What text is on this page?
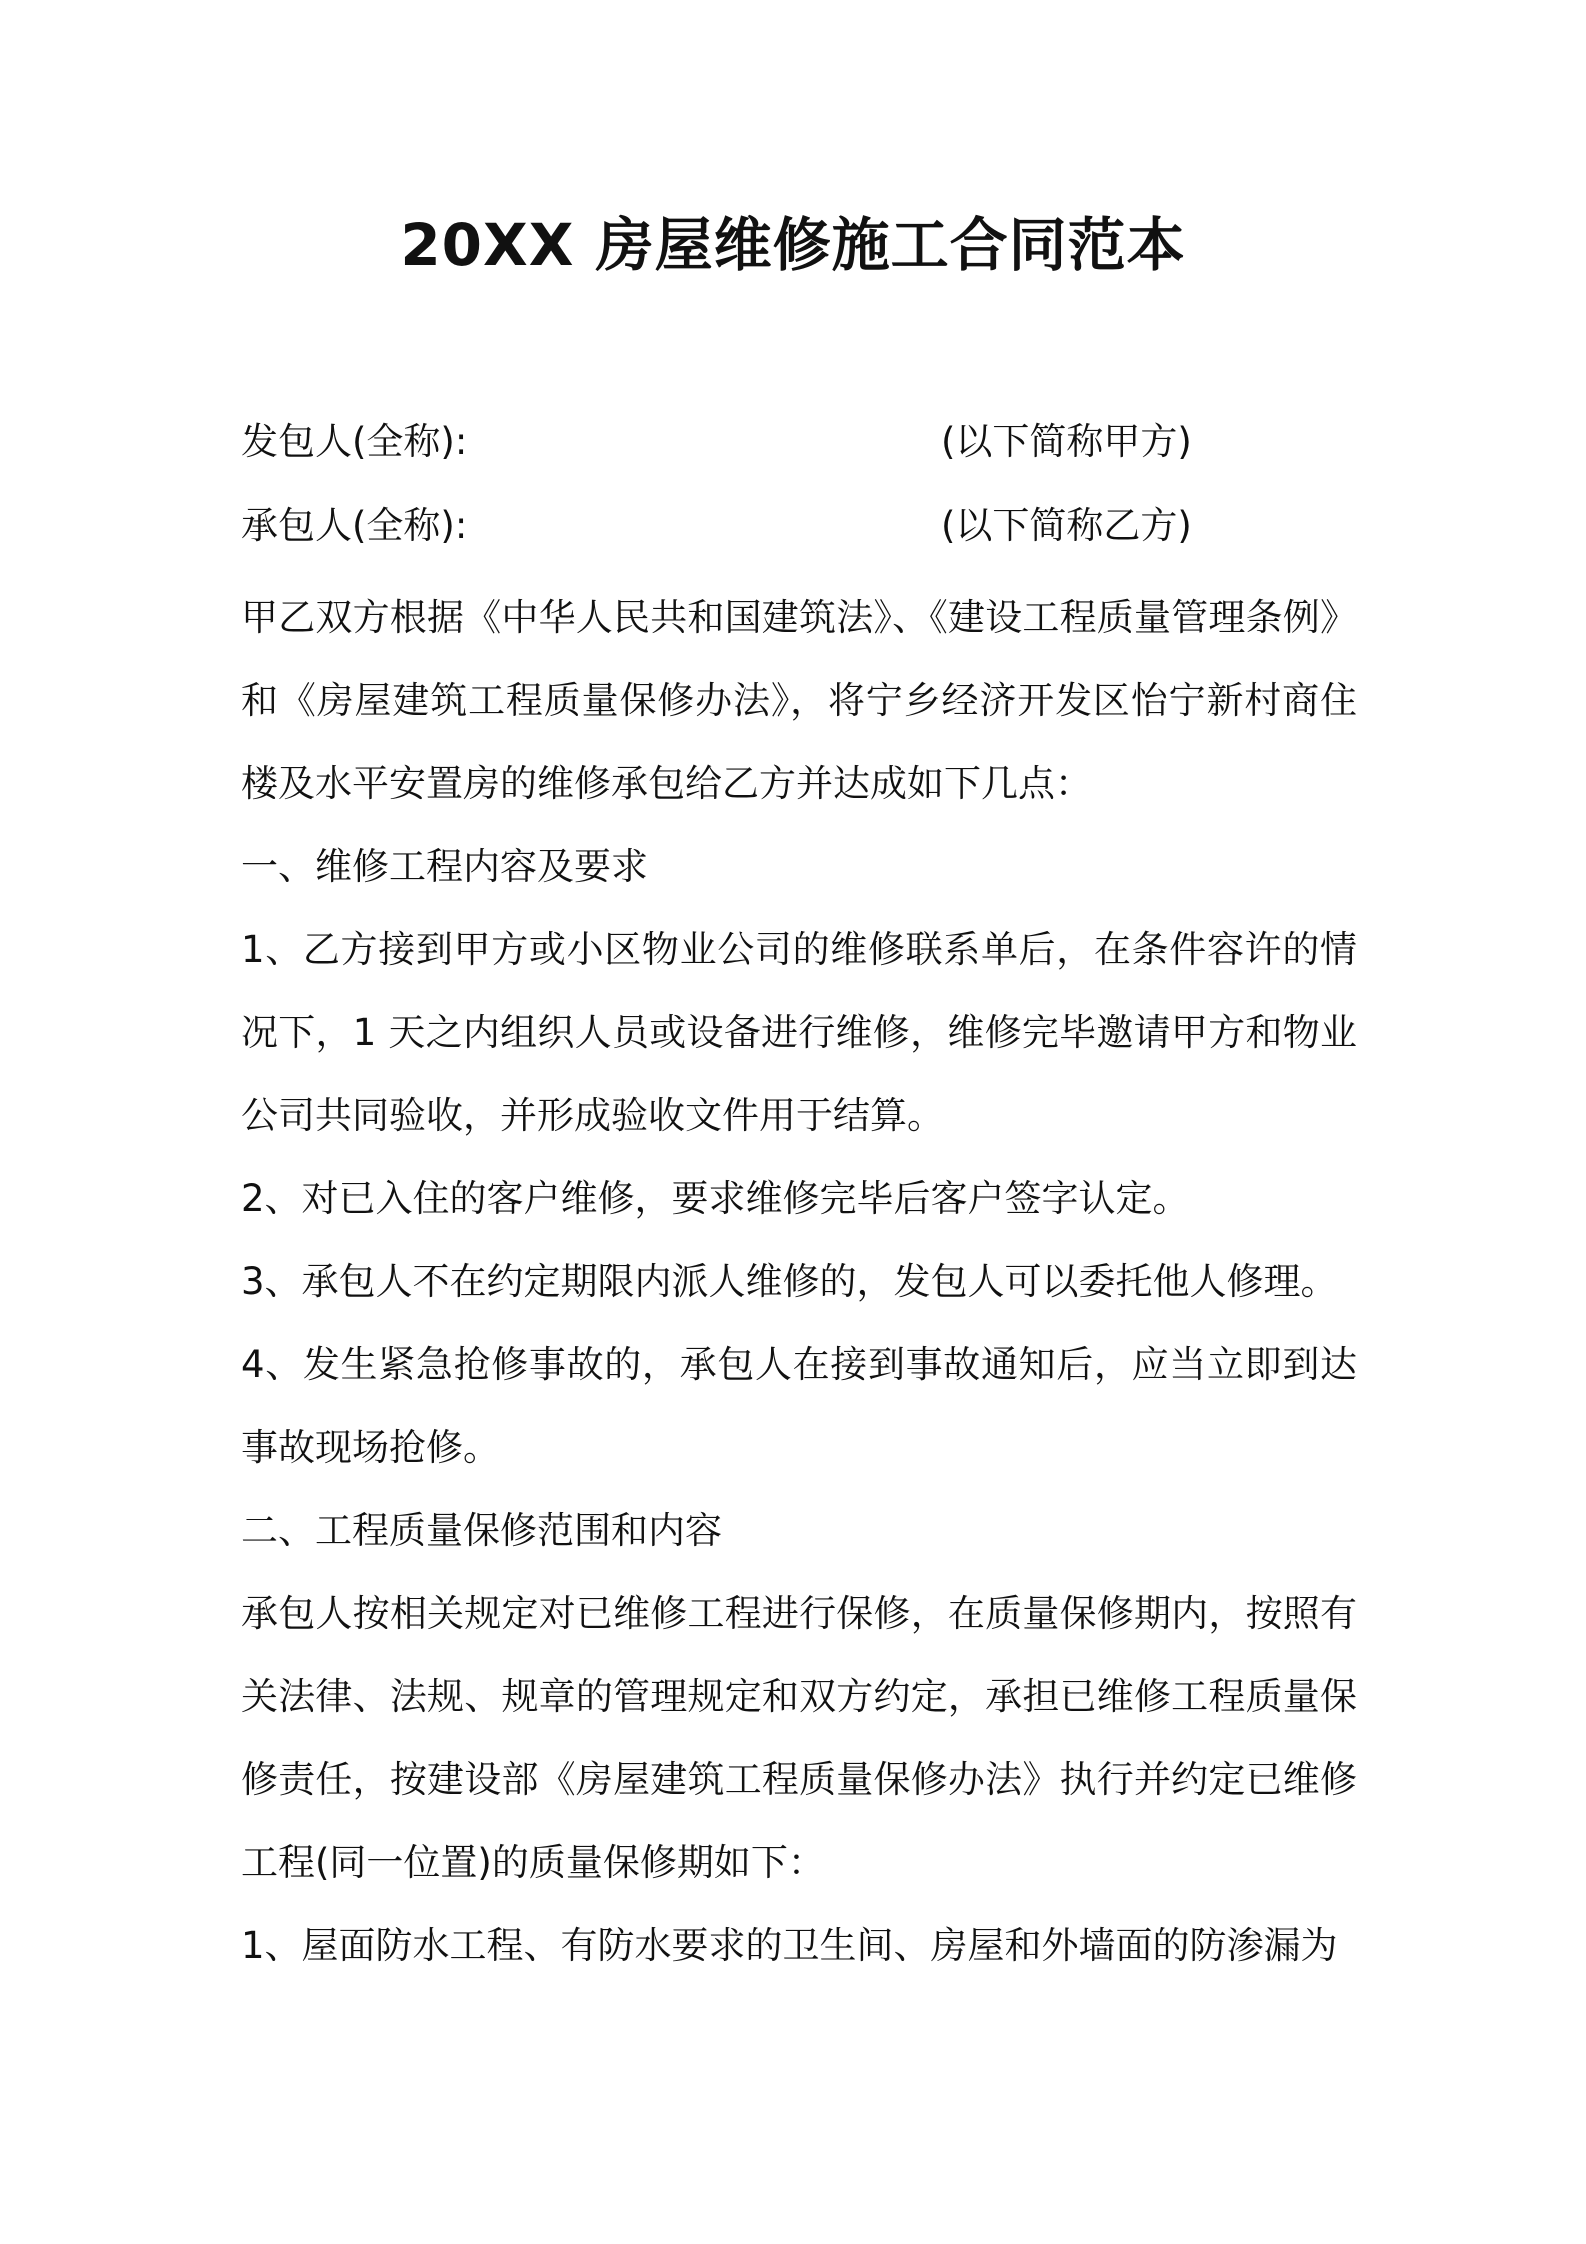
20XX 房屋维修施工合同范本
发包人(全称):	(以下简称甲方)
承包人(全称):	(以下简称乙方)

甲乙双方根据《中华人民共和国建筑法》、《建设工程质量管理条例》和《房屋建筑工程质量保修办法》，将宁乡经济开发区怡宁新村商住楼及水平安置房的维修承包给乙方并达成如下几点：

一、维修工程内容及要求

1、乙方接到甲方或小区物业公司的维修联系单后，在条件容许的情况下，1 天之内组织人员或设备进行维修，维修完毕邀请甲方和物业公司共同验收，并形成验收文件用于结算。

2、对已入住的客户维修，要求维修完毕后客户签字认定。

3、承包人不在约定期限内派人维修的，发包人可以委托他人修理。

4、发生紧急抢修事故的，承包人在接到事故通知后，应当立即到达事故现场抢修。

二、工程质量保修范围和内容

承包人按相关规定对已维修工程进行保修，在质量保修期内，按照有关法律、法规、规章的管理规定和双方约定，承担已维修工程质量保修责任，按建设部《房屋建筑工程质量保修办法》执行并约定已维修工程(同一位置)的质量保修期如下：

1、屋面防水工程、有防水要求的卫生间、房屋和外墙面的防渗漏为
